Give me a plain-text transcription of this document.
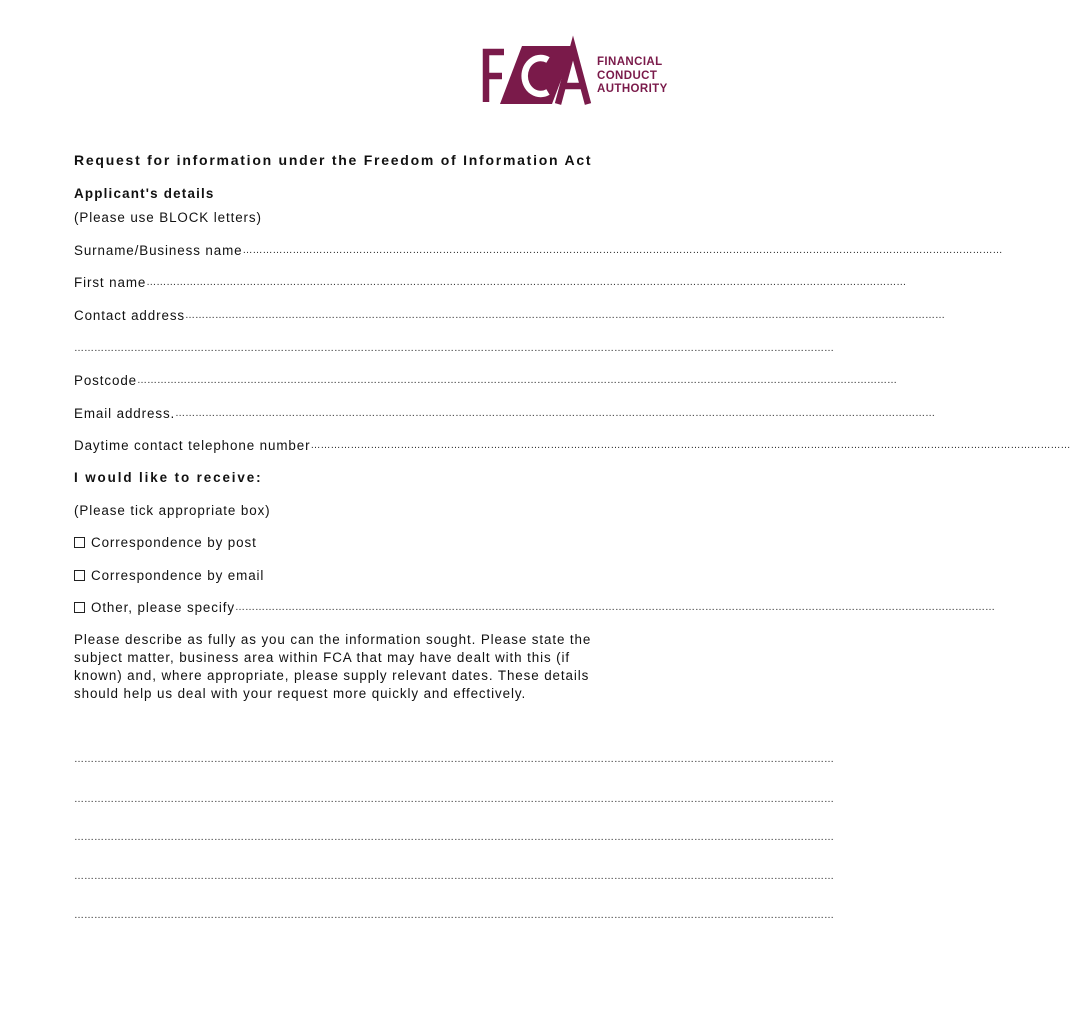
FINANCIAL
CONDUCT
AUTHORITY
Request for information under the Freedom of Information Act
Applicant's details
(Please use BLOCK letters)
Surname/Business name…………………………………………………………………………………………………………………………………………………………………………………………………………
First name…………………………………………………………………………………………………………………………………………………………………………………………………………
Contact address…………………………………………………………………………………………………………………………………………………………………………………………………………
…………………………………………………………………………………………………………………………………………………………………………………………………………
Postcode…………………………………………………………………………………………………………………………………………………………………………………………………………
Email address.…………………………………………………………………………………………………………………………………………………………………………………………………………
Daytime contact telephone number…………………………………………………………………………………………………………………………………………………………………………………………………………
I would like to receive:
(Please tick appropriate box)
Correspondence by post
Correspondence by email
Other, please specify…………………………………………………………………………………………………………………………………………………………………………………………………………
Please describe as fully as you can the information sought. Please state the
subject matter, business area within FCA that may have dealt with this (if
known) and, where appropriate, please supply relevant dates. These details
should help us deal with your request more quickly and effectively.
…………………………………………………………………………………………………………………………………………………………………………………………………………
…………………………………………………………………………………………………………………………………………………………………………………………………………
…………………………………………………………………………………………………………………………………………………………………………………………………………
…………………………………………………………………………………………………………………………………………………………………………………………………………
…………………………………………………………………………………………………………………………………………………………………………………………………………
